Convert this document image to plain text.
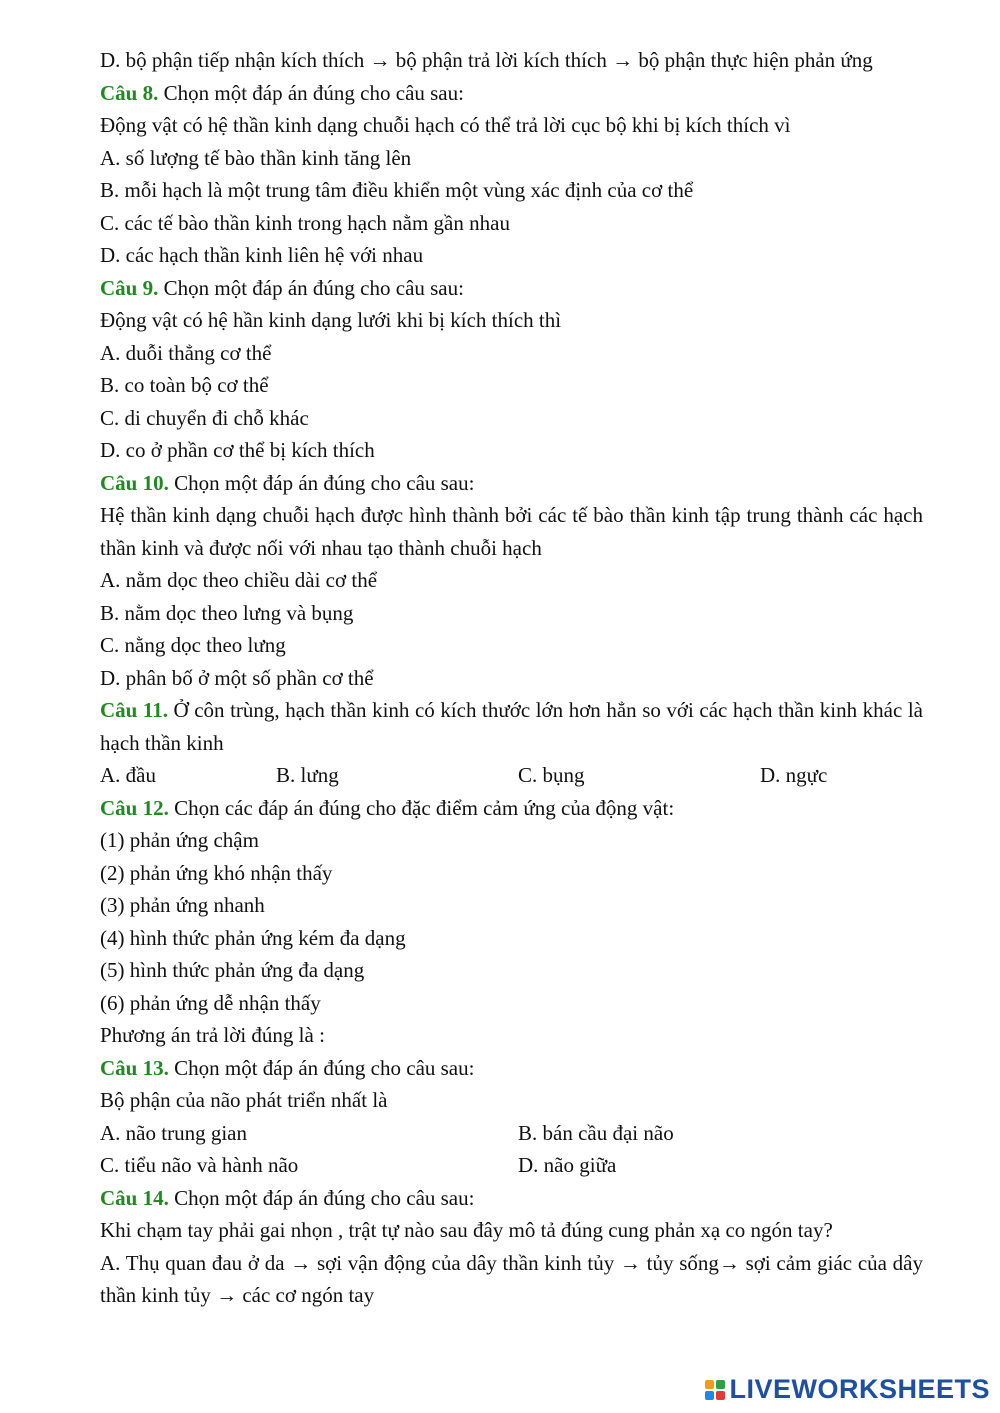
D. bộ phận tiếp nhận kích thích → bộ phận trả lời kích thích → bộ phận thực hiện phản ứng
Câu 8. Chọn một đáp án đúng cho câu sau:
Động vật có hệ thần kinh dạng chuỗi hạch có thể trả lời cục bộ khi bị kích thích vì
A. số lượng tế bào thần kinh tăng lên
B. mỗi hạch là một trung tâm điều khiển một vùng xác định của cơ thể
C. các tế bào thần kinh trong hạch nằm gần nhau
D. các hạch thần kinh liên hệ với nhau
Câu 9. Chọn một đáp án đúng cho câu sau:
Động vật có hệ hần kinh dạng lưới khi bị kích thích thì
A. duỗi thẳng cơ thể
B. co toàn bộ cơ thể
C. di chuyển đi chỗ khác
D. co ở phần cơ thể bị kích thích
Câu 10. Chọn một đáp án đúng cho câu sau:
Hệ thần kinh dạng chuỗi hạch được hình thành bởi các tế bào thần kinh tập trung thành các hạch thần kinh và được nối với nhau tạo thành chuỗi hạch
A. nằm dọc theo chiều dài cơ thể
B. nằm dọc theo lưng và bụng
C. nằng dọc theo lưng
D. phân bố ở một số phần cơ thể
Câu 11. Ở côn trùng, hạch thần kinh có kích thước lớn hơn hẳn so với các hạch thần kinh khác là hạch thần kinh
A. đầu	B. lưng	C. bụng	D. ngực
Câu 12. Chọn các đáp án đúng cho đặc điểm cảm ứng của động vật:
(1) phản ứng chậm
(2) phản ứng khó nhận thấy
(3) phản ứng nhanh
(4) hình thức phản ứng kém đa dạng
(5) hình thức phản ứng đa dạng
(6) phản ứng dễ nhận thấy
Phương án trả lời đúng là :
Câu 13. Chọn một đáp án đúng cho câu sau:
Bộ phận của não phát triển nhất là
A. não trung gian	B. bán cầu đại não
C. tiểu não và hành não	D. não giữa
Câu 14. Chọn một đáp án đúng cho câu sau:
Khi chạm tay phải gai nhọn , trật tự nào sau đây mô tả đúng cung phản xạ co ngón tay?
A. Thụ quan đau ở da → sợi vận động của dây thần kinh tủy → tủy sống→ sợi cảm giác của dây thần kinh tủy → các cơ ngón tay
LIVEWORKSHEETS
